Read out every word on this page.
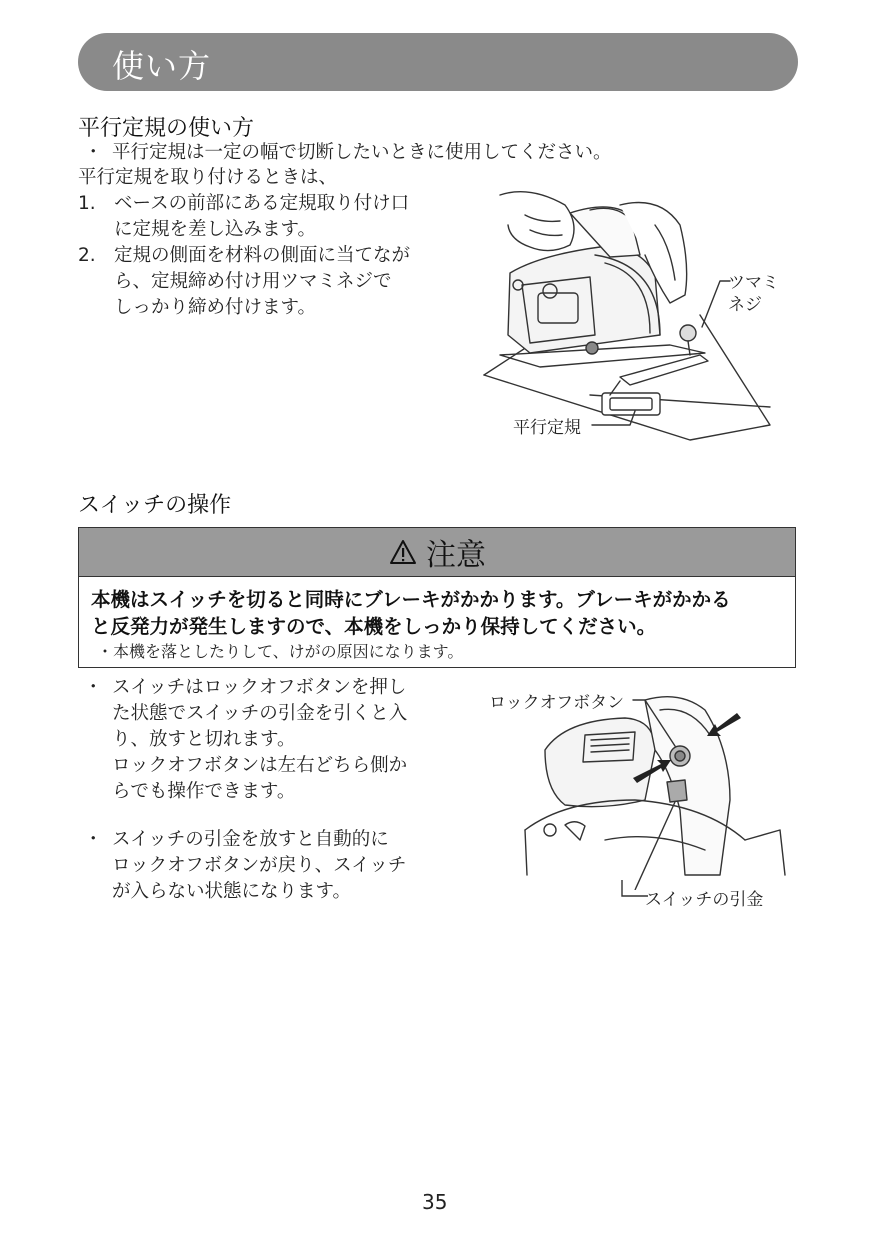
使い方
平行定規の使い方
・ 平行定規は一定の幅で切断したいときに使用してください。
平行定規を取り付けるときは、
1. ベースの前部にある定規取り付け口
に定規を差し込みます。
2. 定規の側面を材料の側面に当てなが
ら、定規締め付け用ツマミネジで
しっかり締め付けます。
ツマミ
ネジ
平行定規
スイッチの操作
注意
本機はスイッチを切ると同時にブレーキがかかります。ブレーキがかかる
と反発力が発生しますので、本機をしっかり保持してください。
・ 本機を落としたりして、けがの原因になります。
・ スイッチはロックオフボタンを押し
た状態でスイッチの引金を引くと入
り、放すと切れます。
ロックオフボタンは左右どちら側か
らでも操作できます。
・ スイッチの引金を放すと自動的に
ロックオフボタンが戻り、スイッチ
が入らない状態になります。
ロックオフボタン
スイッチの引金
35
